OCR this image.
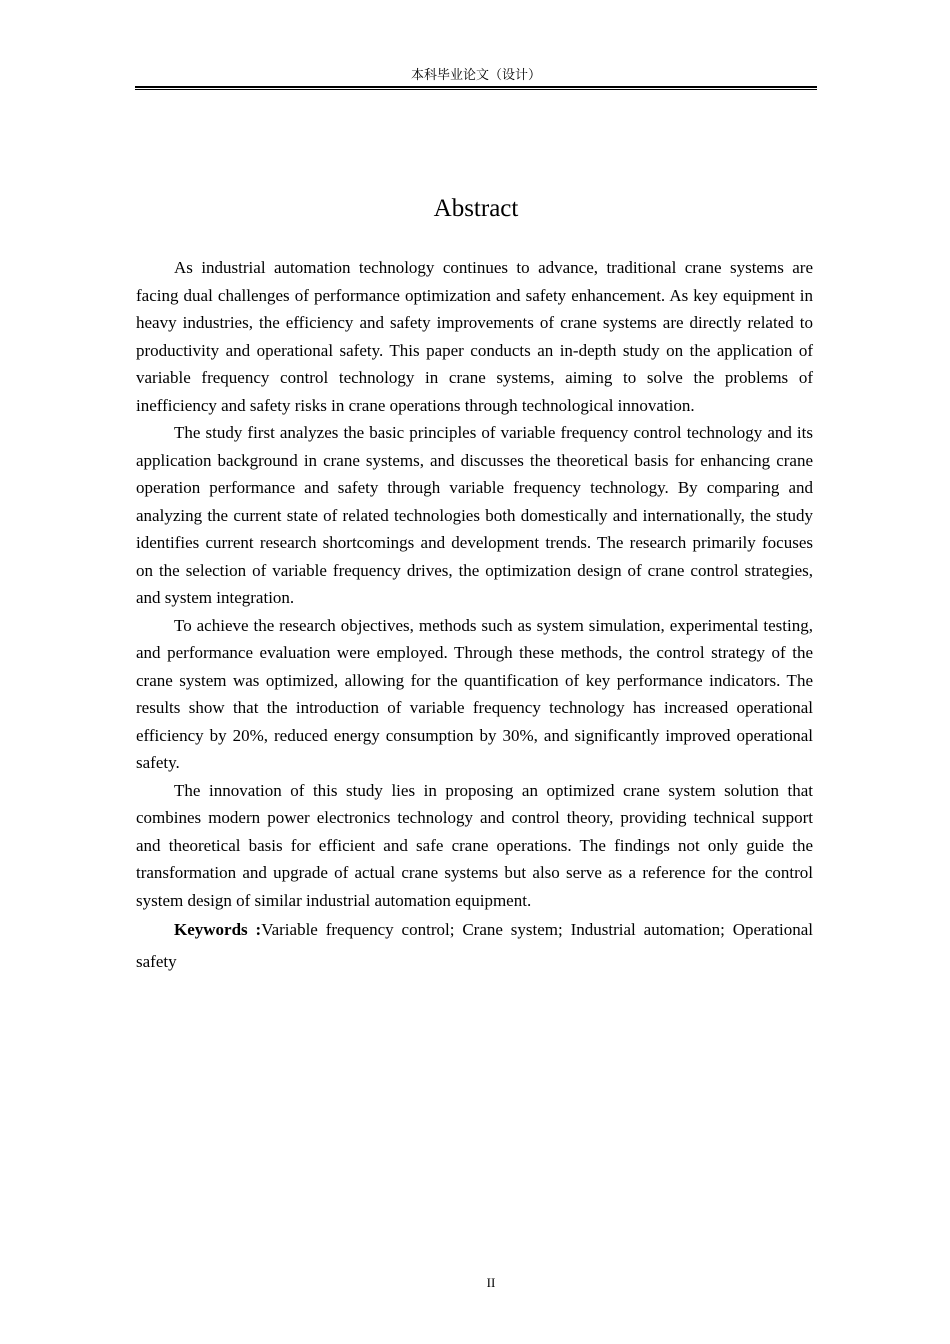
本科毕业论文（设计）
Abstract

As industrial automation technology continues to advance, traditional crane systems are facing dual challenges of performance optimization and safety enhancement. As key equipment in heavy industries, the efficiency and safety improvements of crane systems are directly related to productivity and operational safety. This paper conducts an in-depth study on the application of variable frequency control technology in crane systems, aiming to solve the problems of inefficiency and safety risks in crane operations through technological innovation.

The study first analyzes the basic principles of variable frequency control technology and its application background in crane systems, and discusses the theoretical basis for enhancing crane operation performance and safety through variable frequency technology. By comparing and analyzing the current state of related technologies both domestically and internationally, the study identifies current research shortcomings and development trends. The research primarily focuses on the selection of variable frequency drives, the optimization design of crane control strategies, and system integration.

To achieve the research objectives, methods such as system simulation, experimental testing, and performance evaluation were employed. Through these methods, the control strategy of the crane system was optimized, allowing for the quantification of key performance indicators. The results show that the introduction of variable frequency technology has increased operational efficiency by 20%, reduced energy consumption by 30%, and significantly improved operational safety.

The innovation of this study lies in proposing an optimized crane system solution that combines modern power electronics technology and control theory, providing technical support and theoretical basis for efficient and safe crane operations. The findings not only guide the transformation and upgrade of actual crane systems but also serve as a reference for the control system design of similar industrial automation equipment.

Keywords :Variable frequency control; Crane system; Industrial automation; Operational safety

II
